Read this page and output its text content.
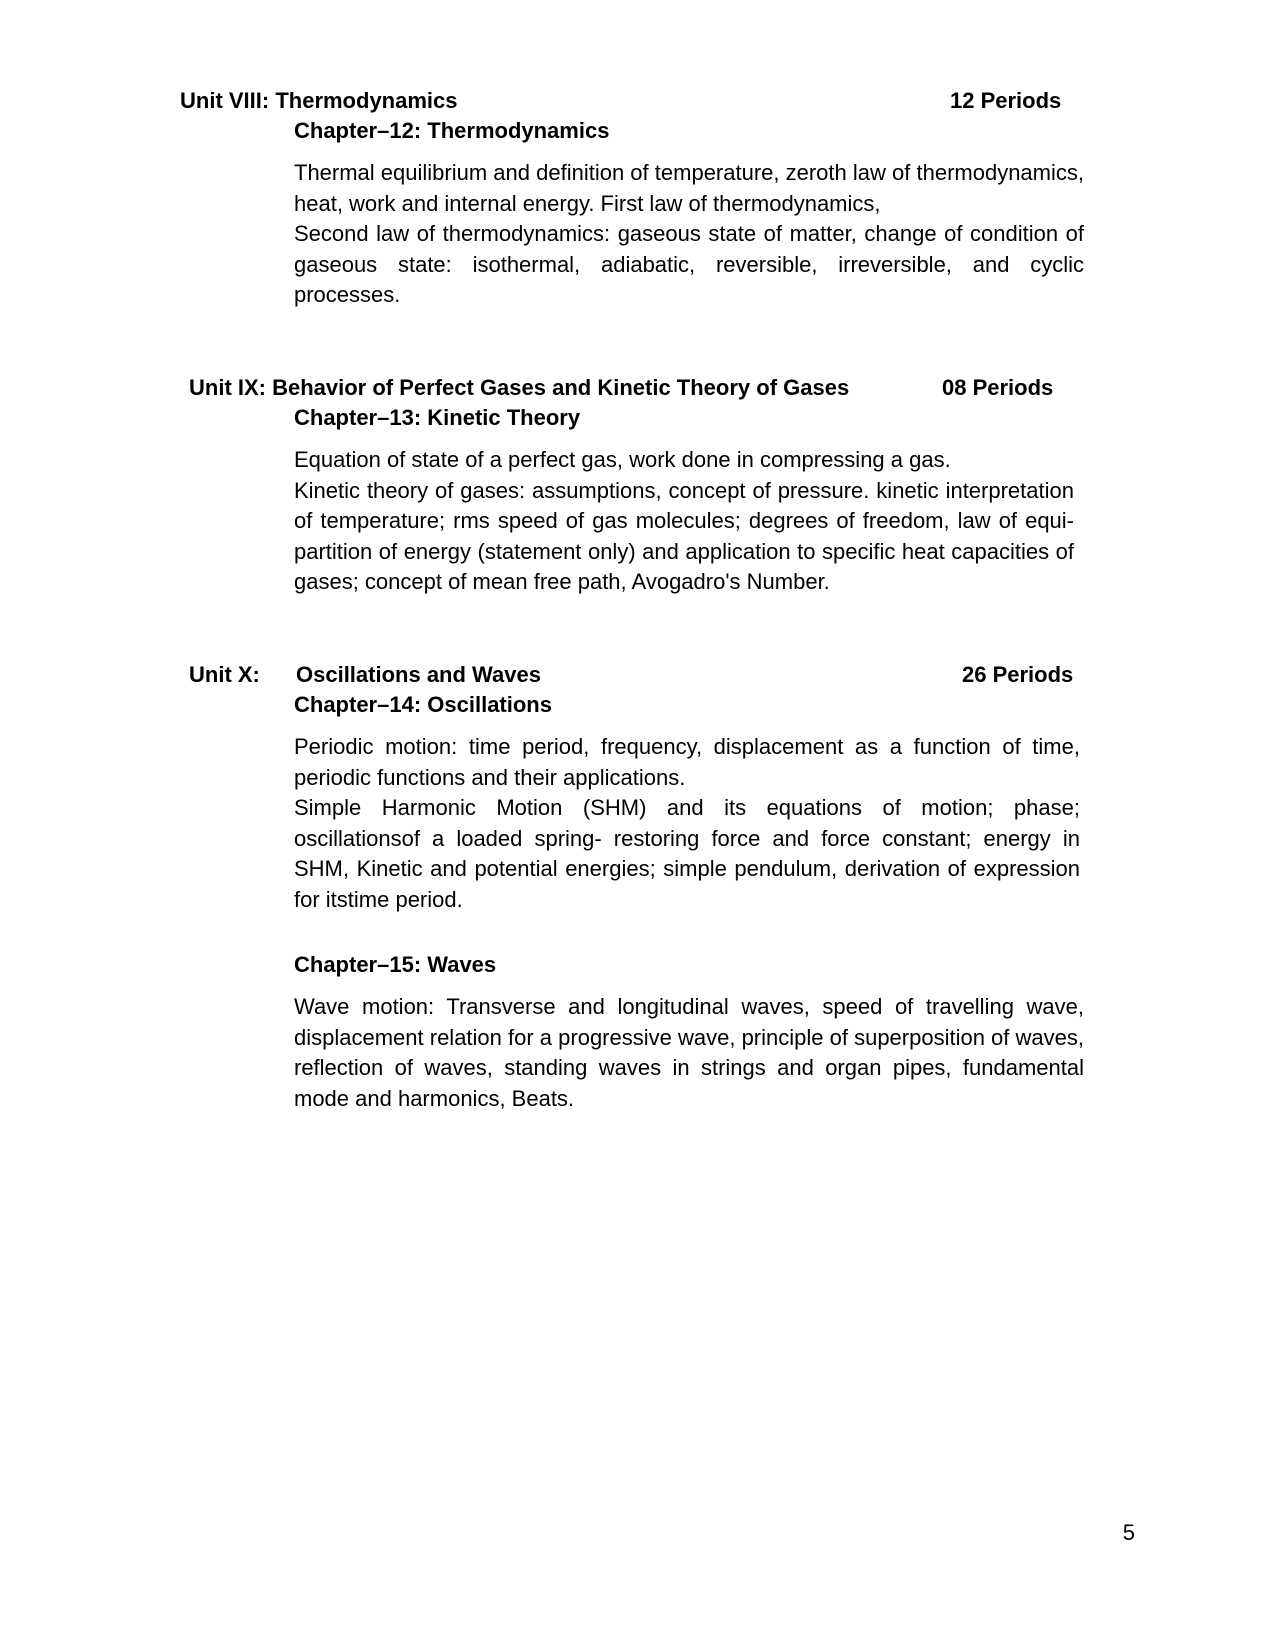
Unit VIII: Thermodynamics	12 Periods
Chapter–12: Thermodynamics

Thermal equilibrium and definition of temperature, zeroth law of thermodynamics, heat, work and internal energy. First law of thermodynamics,

Second law of thermodynamics: gaseous state of matter, change of condition of gaseous state: isothermal, adiabatic, reversible, irreversible, and cyclic processes.

Unit IX: Behavior of Perfect Gases and Kinetic Theory of Gases	08 Periods
Chapter–13: Kinetic Theory

Equation of state of a perfect gas, work done in compressing a gas.

Kinetic theory of gases: assumptions, concept of pressure. kinetic interpretation of temperature; rms speed of gas molecules; degrees of freedom, law of equi-partition of energy (statement only) and application to specific heat capacities of gases; concept of mean free path, Avogadro's Number.

Unit X: Oscillations and Waves	26 Periods
Chapter–14: Oscillations

Periodic motion: time period, frequency, displacement as a function of time, periodic functions and their applications.

Simple Harmonic Motion (SHM) and its equations of motion; phase; oscillationsof a loaded spring- restoring force and force constant; energy in SHM, Kinetic and potential energies; simple pendulum, derivation of expression for itstime period.

Chapter–15: Waves

Wave motion: Transverse and longitudinal waves, speed of travelling wave, displacement relation for a progressive wave, principle of superposition of waves, reflection of waves, standing waves in strings and organ pipes, fundamental mode and harmonics, Beats.

5
